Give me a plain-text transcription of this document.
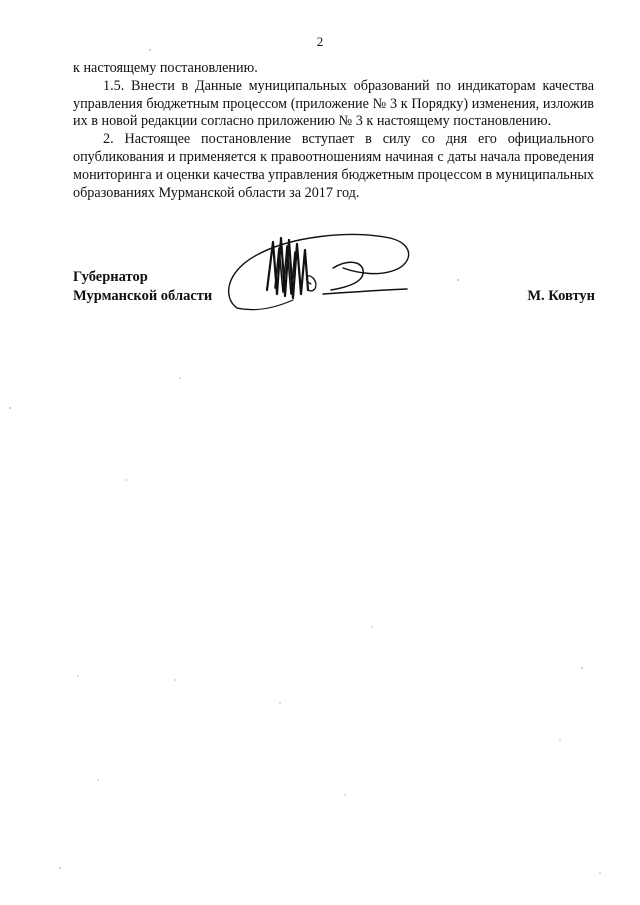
2

к настоящему постановлению.

1.5. Внести в Данные муниципальных образований по индикаторам качества управления бюджетным процессом (приложение № 3 к Порядку) изменения, изложив их в новой редакции согласно приложению № 3 к настоящему постановлению.

2. Настоящее постановление вступает в силу со дня его официального опубликования и применяется к правоотношениям начиная с даты начала проведения мониторинга и оценки качества управления бюджетным процессом в муниципальных образованиях Мурманской области за 2017 год.

Губернатор
Мурманской области	М. Ковтун
